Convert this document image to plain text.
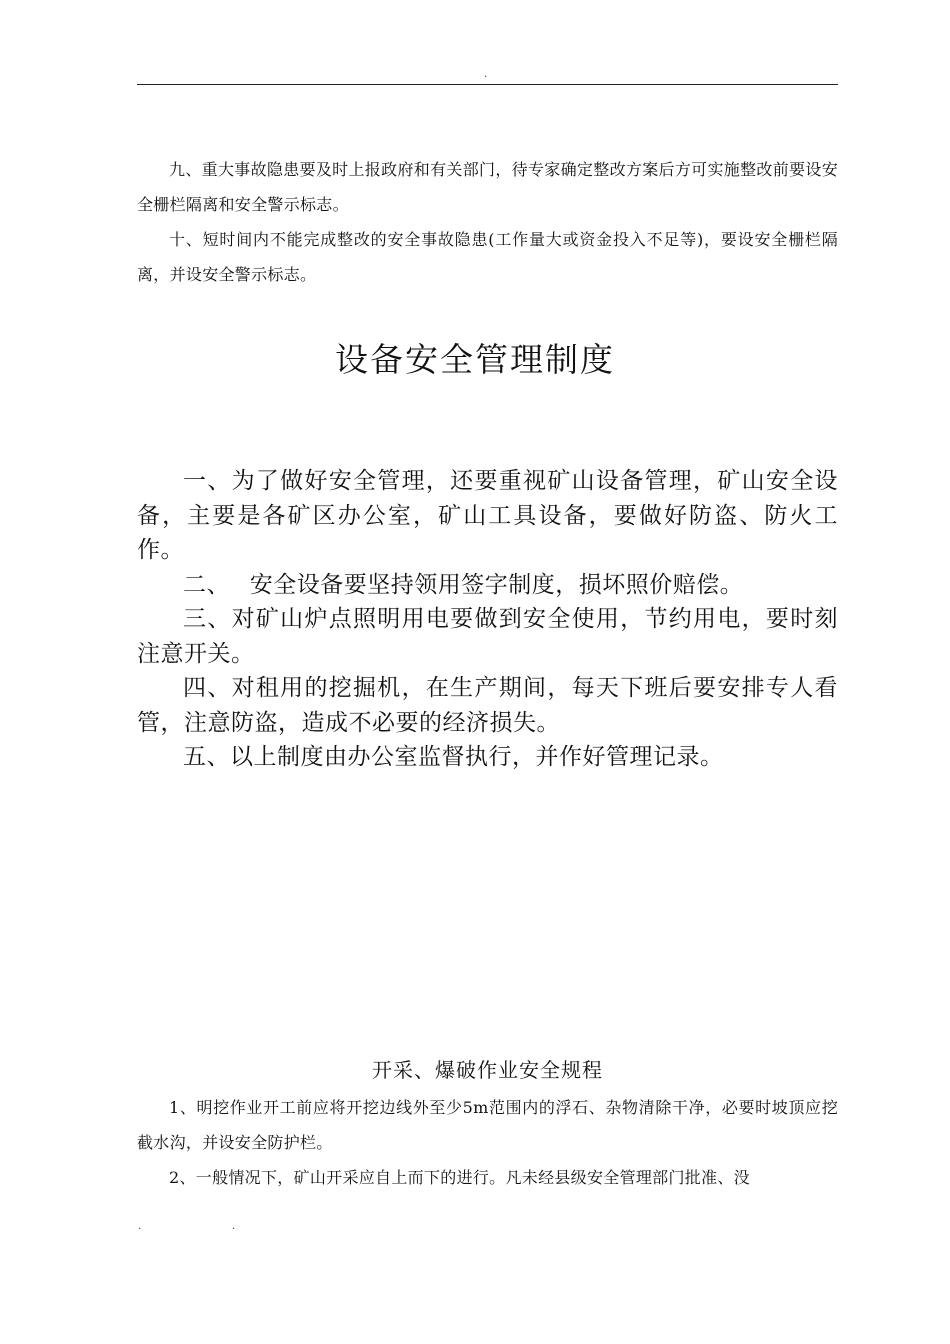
.

九、重大事故隐患要及时上报政府和有关部门，待专家确定整改方案后方可实施整改前要设安全栅栏隔离和安全警示标志。

十、短时间内不能完成整改的安全事故隐患(工作量大或资金投入不足等)，要设安全栅栏隔离，并设安全警示标志。

设备安全管理制度

一、为了做好安全管理，还要重视矿山设备管理，矿山安全设备，主要是各矿区办公室，矿山工具设备，要做好防盗、防火工作。

二、　 安全设备要坚持领用签字制度，损坏照价赔偿。

三、对矿山炉点照明用电要做到安全使用，节约用电，要时刻注意开关。

四、对租用的挖掘机，在生产期间，每天下班后要安排专人看管，注意防盗，造成不必要的经济损失。

五、以上制度由办公室监督执行，并作好管理记录。

开采、爆破作业安全规程

1、明挖作业开工前应将开挖边线外至少5m范围内的浮石、杂物清除干净，必要时坡顶应挖截水沟，并设安全防护栏。

2、一般情况下，矿山开采应自上而下的进行。凡未经县级安全管理部门批准、没

.	.
